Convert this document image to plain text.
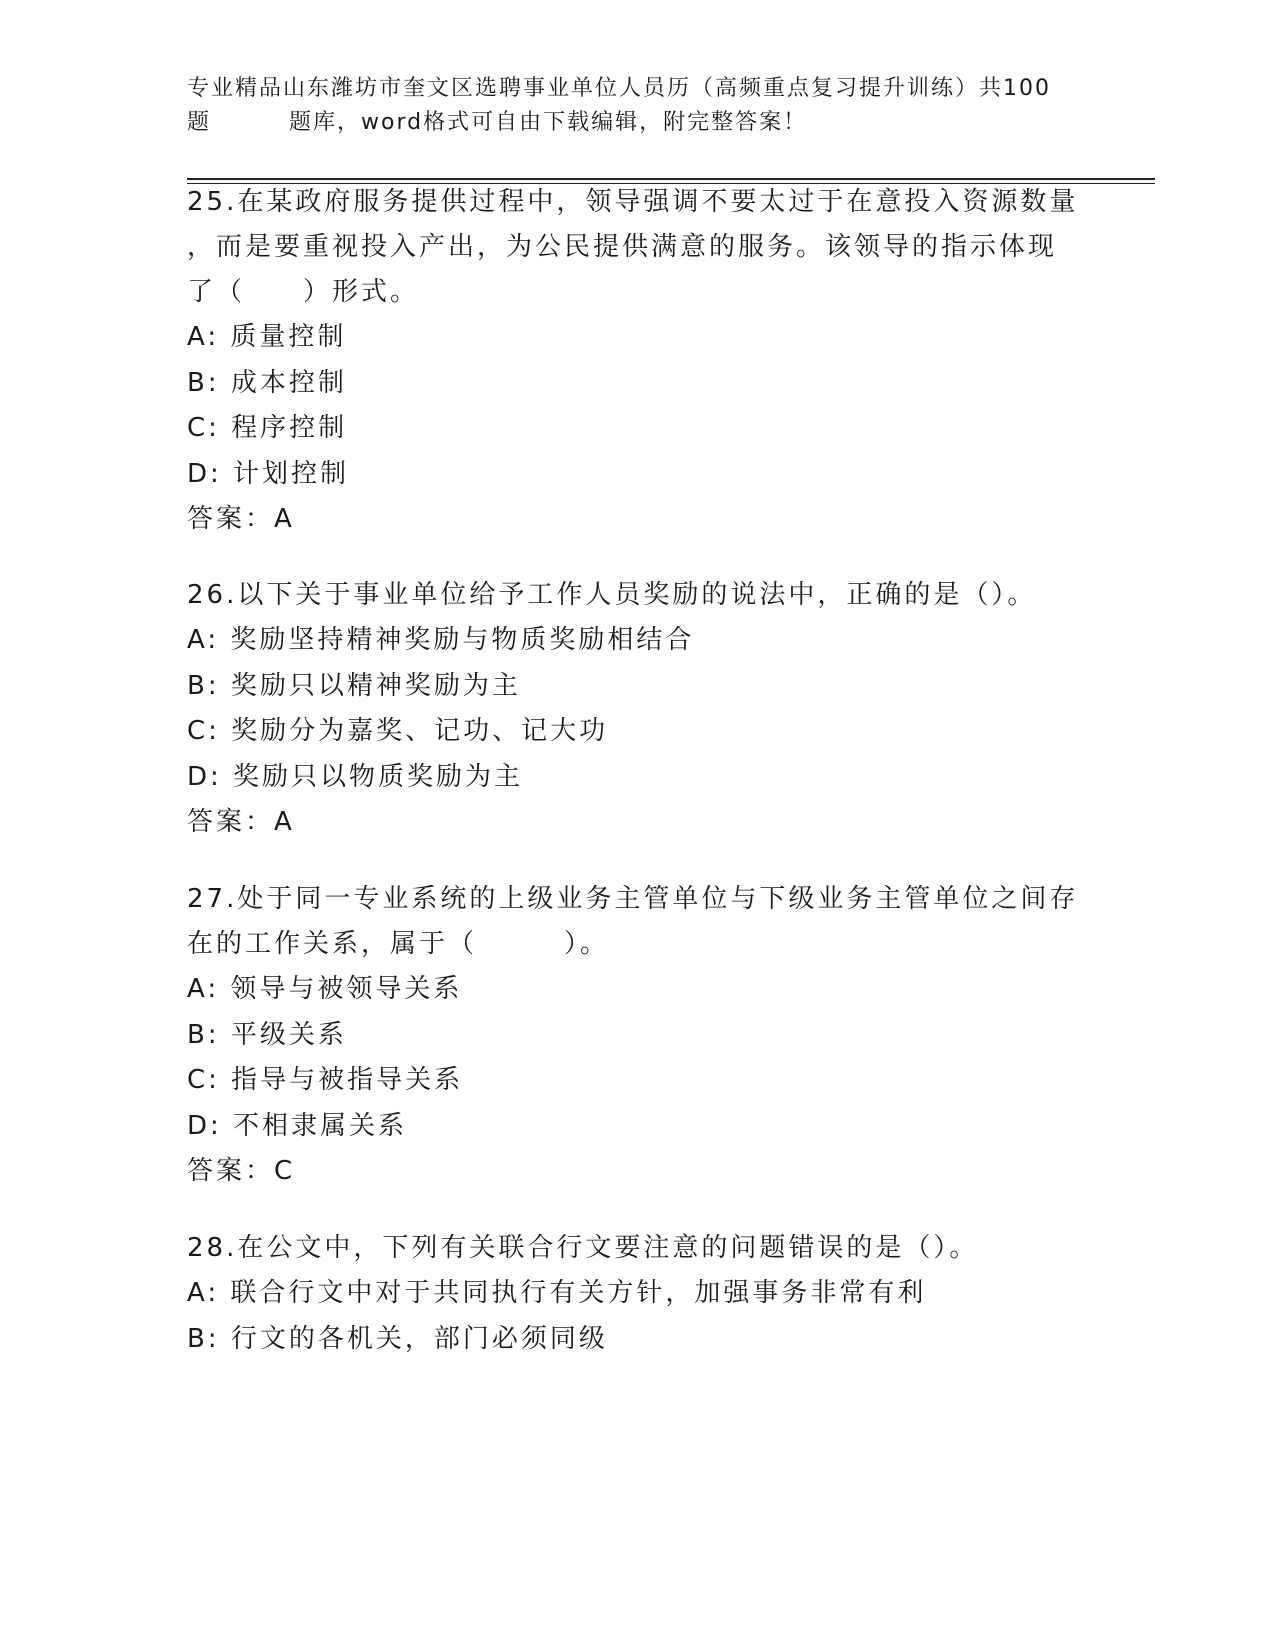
专业精品山东潍坊市奎文区选聘事业单位人员历（高频重点复习提升训练）共100
题	题库，word格式可自由下载编辑，附完整答案！
25.在某政府服务提供过程中，领导强调不要太过于在意投入资源数量
，而是要重视投入产出，为公民提供满意的服务。该领导的指示体现
了（　　）形式。
A: 质量控制
B: 成本控制
C: 程序控制
D: 计划控制
答案：A
26.以下关于事业单位给予工作人员奖励的说法中，正确的是（）。
A: 奖励坚持精神奖励与物质奖励相结合
B: 奖励只以精神奖励为主
C: 奖励分为嘉奖、记功、记大功
D: 奖励只以物质奖励为主
答案：A
27.处于同一专业系统的上级业务主管单位与下级业务主管单位之间存
在的工作关系，属于（　　　）。
A: 领导与被领导关系
B: 平级关系
C: 指导与被指导关系
D: 不相隶属关系
答案：C
28.在公文中，下列有关联合行文要注意的问题错误的是（）。
A: 联合行文中对于共同执行有关方针，加强事务非常有利
B: 行文的各机关，部门必须同级
